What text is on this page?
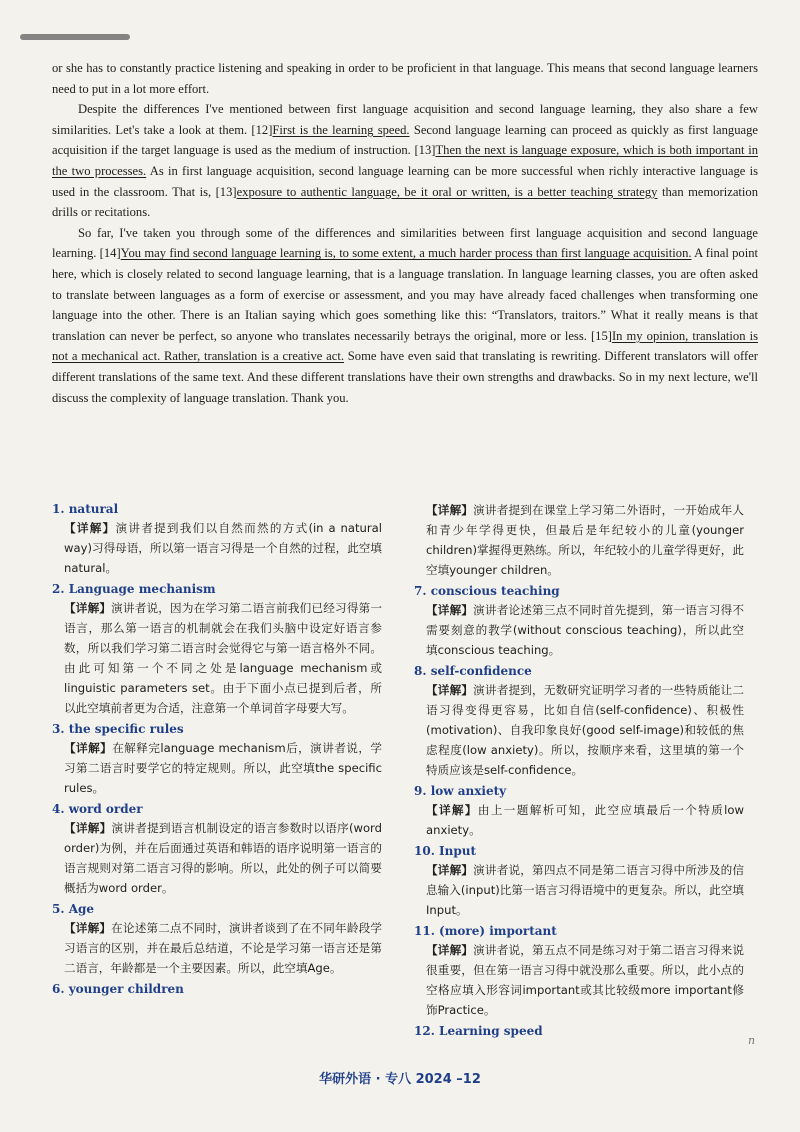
or she has to constantly practice listening and speaking in order to be proficient in that language. This means that second language learners need to put in a lot more effort.

Despite the differences I've mentioned between first language acquisition and second language learning, they also share a few similarities. Let's take a look at them. [12]First is the learning speed. Second language learning can proceed as quickly as first language acquisition if the target language is used as the medium of instruction. [13]Then the next is language exposure, which is both important in the two processes. As in first language acquisition, second language learning can be more successful when richly interactive language is used in the classroom. That is, [13]exposure to authentic language, be it oral or written, is a better teaching strategy than memorization drills or recitations.

So far, I've taken you through some of the differences and similarities between first language acquisition and second language learning. [14]You may find second language learning is, to some extent, a much harder process than first language acquisition. A final point here, which is closely related to second language learning, that is a language translation. In language learning classes, you are often asked to translate between languages as a form of exercise or assessment, and you may have already faced challenges when transforming one language into the other. There is an Italian saying which goes something like this: “Translators, traitors.” What it really means is that translation can never be perfect, so anyone who translates necessarily betrays the original, more or less. [15]In my opinion, translation is not a mechanical act. Rather, translation is a creative act. Some have even said that translating is rewriting. Different translators will offer different translations of the same text. And these different translations have their own strengths and drawbacks. So in my next lecture, we'll discuss the complexity of language translation. Thank you.

1. natural
【详解】演讲者提到我们以自然而然的方式(in a natural way)习得母语，所以第一语言习得是一个自然的过程，此空填natural。
2. Language mechanism
【详解】演讲者说，因为在学习第二语言前我们已经习得第一语言，那么第一语言的机制就会在我们头脑中设定好语言参数，所以我们学习第二语言时会觉得它与第一语言格外不同。由此可知第一个不同之处是language mechanism或linguistic parameters set。由于下面小点已提到后者，所以此空填前者更为合适，注意第一个单词首字母要大写。
3. the specific rules
【详解】在解释完language mechanism后，演讲者说，学习第二语言时要学它的特定规则。所以，此空填the specific rules。
4. word order
【详解】演讲者提到语言机制设定的语言参数时以语序(word order)为例，并在后面通过英语和韩语的语序说明第一语言的语言规则对第二语言习得的影响。所以，此处的例子可以简要概括为word order。
5. Age
【详解】在论述第二点不同时，演讲者谈到了在不同年龄段学习语言的区别，并在最后总结道，不论是学习第一语言还是第二语言，年龄都是一个主要因素。所以，此空填Age。
6. younger children
【详解】演讲者提到在课堂上学习第二外语时，一开始成年人和青少年学得更快，但最后是年纪较小的儿童(younger children)掌握得更熟练。所以，年纪较小的儿童学得更好，此空填younger children。
7. conscious teaching
【详解】演讲者论述第三点不同时首先提到，第一语言习得不需要刻意的教学(without conscious teaching)，所以此空填conscious teaching。
8. self-confidence
【详解】演讲者提到，无数研究证明学习者的一些特质能让二语习得变得更容易，比如自信(self-confidence)、积极性(motivation)、自我印象良好(good self-image)和较低的焦虑程度(low anxiety)。所以，按顺序来看，这里填的第一个特质应该是self-confidence。
9. low anxiety
【详解】由上一题解析可知，此空应填最后一个特质low anxiety。
10. Input
【详解】演讲者说，第四点不同是第二语言习得中所涉及的信息输入(input)比第一语言习得语境中的更复杂。所以，此空填Input。
11. (more) important
【详解】演讲者说，第五点不同是练习对于第二语言习得来说很重要，但在第一语言习得中就没那么重要。所以，此小点的空格应填入形容词important或其比较级more important修饰Practice。
12. Learning speed
n
华研外语 · 专八 2024 –12
